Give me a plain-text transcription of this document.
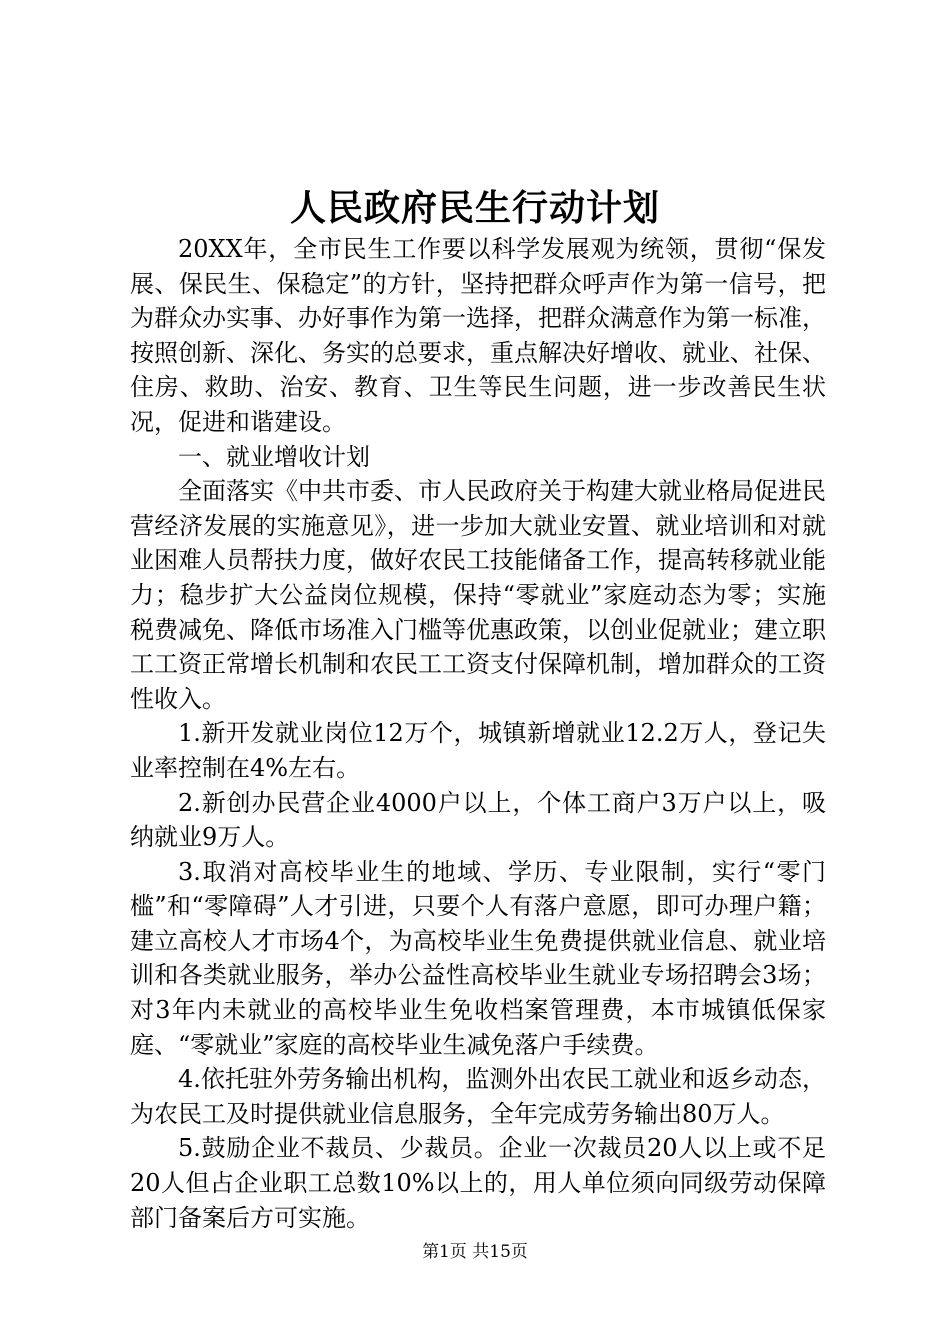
人民政府民生行动计划

20XX年，全市民生工作要以科学发展观为统领，贯彻“保发展、保民生、保稳定”的方针，坚持把群众呼声作为第一信号，把为群众办实事、办好事作为第一选择，把群众满意作为第一标准，按照创新、深化、务实的总要求，重点解决好增收、就业、社保、住房、救助、治安、教育、卫生等民生问题，进一步改善民生状况，促进和谐建设。

一、就业增收计划

全面落实《中共市委、市人民政府关于构建大就业格局促进民营经济发展的实施意见》，进一步加大就业安置、就业培训和对就业困难人员帮扶力度，做好农民工技能储备工作，提高转移就业能力；稳步扩大公益岗位规模，保持“零就业”家庭动态为零；实施税费减免、降低市场准入门槛等优惠政策，以创业促就业；建立职工工资正常增长机制和农民工工资支付保障机制，增加群众的工资性收入。

1.新开发就业岗位12万个，城镇新增就业12.2万人，登记失业率控制在4%左右。

2.新创办民营企业4000户以上，个体工商户3万户以上，吸纳就业9万人。

3.取消对高校毕业生的地域、学历、专业限制，实行“零门槛”和“零障碍”人才引进，只要个人有落户意愿，即可办理户籍；建立高校人才市场4个，为高校毕业生免费提供就业信息、就业培训和各类就业服务，举办公益性高校毕业生就业专场招聘会3场；对3年内未就业的高校毕业生免收档案管理费，本市城镇低保家庭、“零就业”家庭的高校毕业生减免落户手续费。

4.依托驻外劳务输出机构，监测外出农民工就业和返乡动态，为农民工及时提供就业信息服务，全年完成劳务输出80万人。

5.鼓励企业不裁员、少裁员。企业一次裁员20人以上或不足20人但占企业职工总数10%以上的，用人单位须向同级劳动保障部门备案后方可实施。

第1页 共15页
